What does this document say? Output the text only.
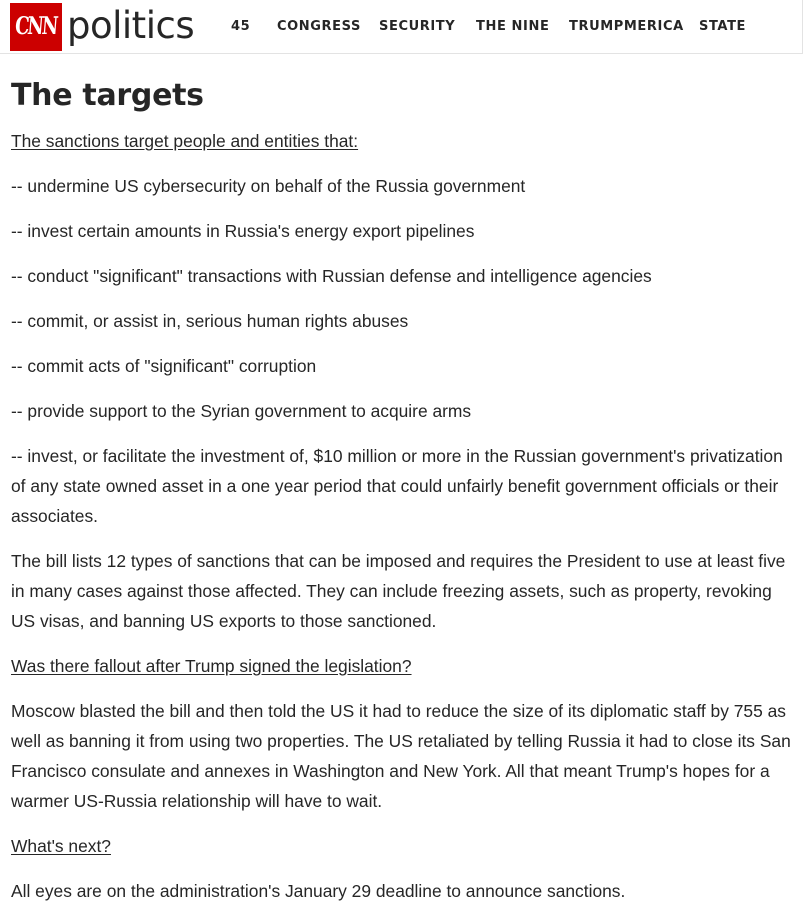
CNN politics	45 CONGRESS SECURITY THE NINE TRUMPMERICA STATE
The targets

The sanctions target people and entities that:

-- undermine US cybersecurity on behalf of the Russia government

-- invest certain amounts in Russia's energy export pipelines

-- conduct "significant" transactions with Russian defense and intelligence agencies

-- commit, or assist in, serious human rights abuses

-- commit acts of "significant" corruption

-- provide support to the Syrian government to acquire arms

-- invest, or facilitate the investment of, $10 million or more in the Russian government's privatization of any state owned asset in a one year period that could unfairly benefit government officials or their associates.

The bill lists 12 types of sanctions that can be imposed and requires the President to use at least five in many cases against those affected. They can include freezing assets, such as property, revoking US visas, and banning US exports to those sanctioned.

Was there fallout after Trump signed the legislation?

Moscow blasted the bill and then told the US it had to reduce the size of its diplomatic staff by 755 as well as banning it from using two properties. The US retaliated by telling Russia it had to close its San Francisco consulate and annexes in Washington and New York. All that meant Trump's hopes for a warmer US-Russia relationship will have to wait.

What's next?

All eyes are on the administration's January 29 deadline to announce sanctions.
